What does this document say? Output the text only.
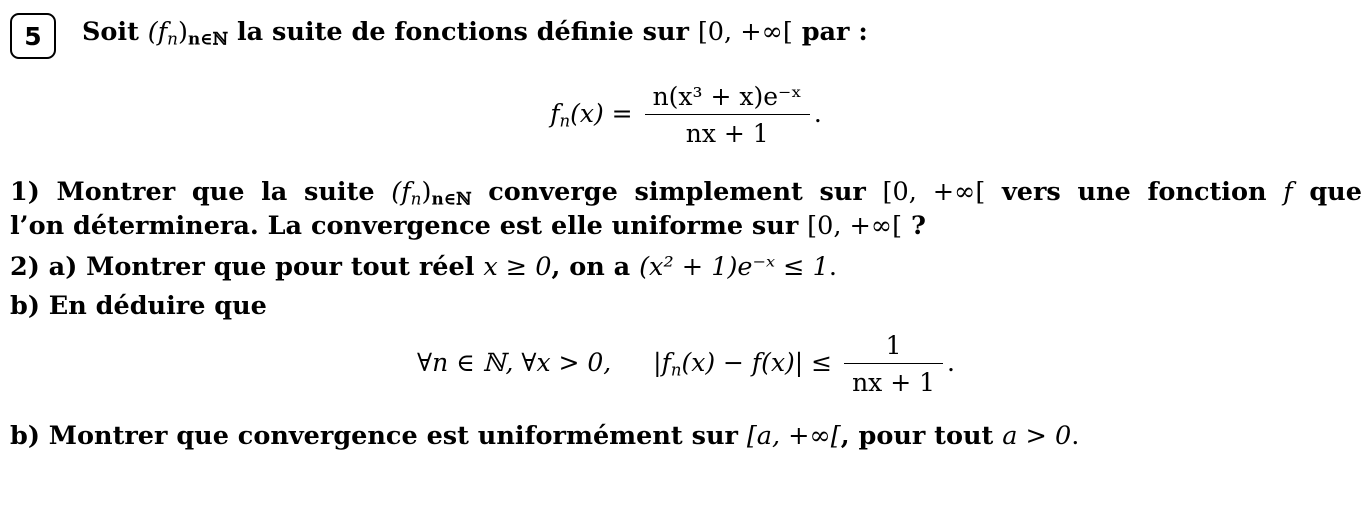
5	Soit $(f_n)_{n\in ℕ}$ la suite de fonctions définie sur [0, +∞[ par :
$f_n(x) = \frac{\text{n(x³ + x)e⁻ˣ}}{nx + 1}$ .
1) Montrer que la suite $(f_n)_{n\in ℕ}$ converge simplement sur [0, +∞[ vers une fonction f que
l’on déterminera. La convergence est elle uniforme sur [0, +∞[ ?
2) a) Montrer que pour tout réel x ≥ 0, on a (x² + 1)e⁻ˣ ≤ 1.
b) En déduire que
∀n ∈ ℕ, ∀x > 0, $|f_n(x) - f(x)| \le \frac{1}{nx + 1}$ .
b) Montrer que convergence est uniformément sur [a, +∞[, pour tout a > 0.
